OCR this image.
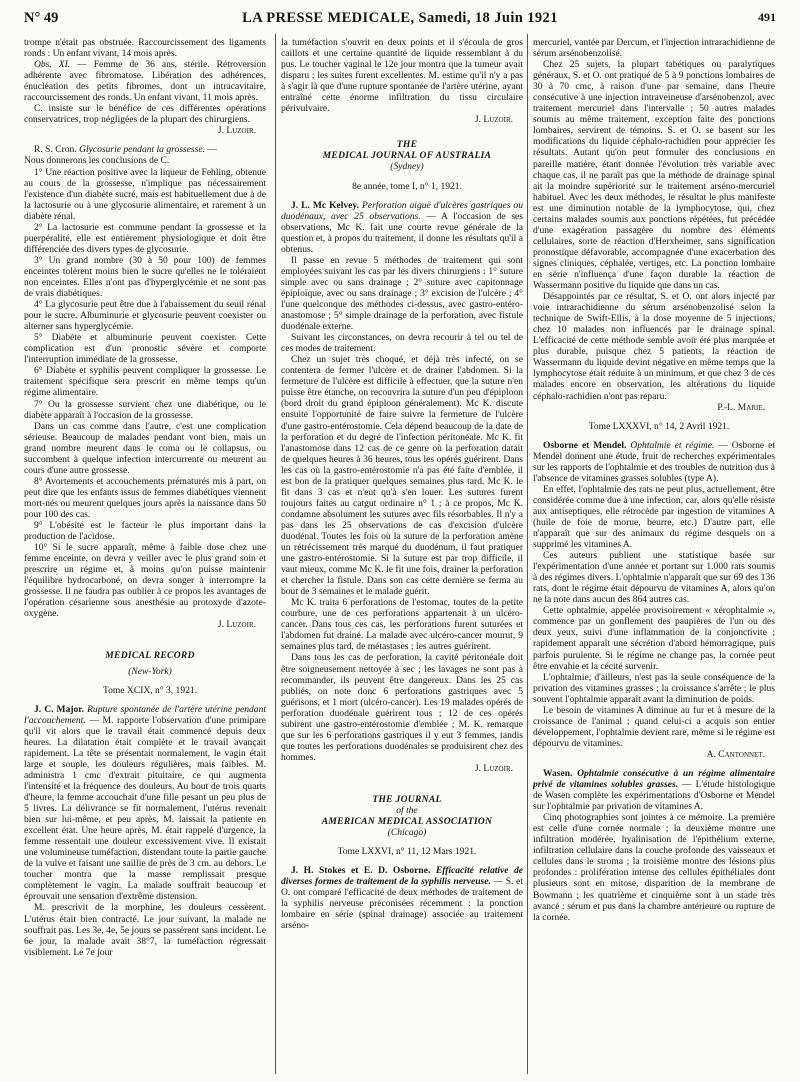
N° 49	LA PRESSE MEDICALE, Samedi, 18 Juin 1921	491

trompe n'était pas obstruée. Raccourcissement des ligaments ronds : Un enfant vivant, 14 mois après.

Obs. XI. — Femme de 36 ans, stérile. Rétroversion adhérente avec fibromatose. Libération des adhérences, énucléation des petits fibromes, dont un intracavitaire, raccourcissement des ronds. Un enfant vivant, 11 mois après.

C. insiste sur le bénéfice de ces différentes opérations conservatrices, trop négligées de la plupart des chirurgiens.

J. Luzoir.

R. S. Cron. Glycosurie pendant la grossesse. —

Nous donnerons les conclusions de C.

1° Une réaction positive avec la liqueur de Fehling, obtenue au cours de la grossesse, n'implique pas nécessairement l'existence d'un diabète sucré, mais est habituellement due à de la lactosurie ou à une glycosurie alimentaire, et rarement à un diabète rénal.

2° La lactosurie est commune pendant la grossesse et la puerpéralité, elle est entièrement physiologique et doit être différenciée des divers types de glycosurie.

3° Un grand nombre (30 à 50 pour 100) de femmes enceintes tolèrent moins bien le sucre qu'elles ne le toléraient non enceintes. Elles n'ont pas d'hyperglycémie et ne sont pas de vrais diabétiques.

4° La glycosurie peut être due à l'abaissement du seuil rénal pour le sucre. Albuminurie et glycosurie peuvent coexister ou alterner sans hyperglycémie.

5° Diabète et albuminurie peuvent coexister. Cette complication est d'un pronostic sévère et comporte l'interruption immédiate de la grossesse.

6° Diabète et syphilis peuvent compliquer la grossesse. Le traitement spécifique sera prescrit en même temps qu'un régime alimentaire.

7° Ou la grossesse survient chez une diabétique, ou le diabète apparaît à l'occasion de la grossesse.

Dans un cas comme dans l'autre, c'est une complication sérieuse. Beaucoup de malades pendant vont bien, mais un grand nombre meurent dans le coma ou le collapsus, ou succombent à quelque infection intercurrente ou meurent au cours d'une autre grossesse.

8° Avortements et accouchements prématurés mis à part, on peut dire que les enfants issus de femmes diabétiques viennent mort-nés ou meurent quelques jours après la naissance dans 50 pour 100 des cas.

9° L'obésité est le facteur le plus important dans la production de l'acidose.

10° Si le sucre apparaît, même à faible dose chez une femme enceinte, on devra y veiller avec le plus grand soin et prescrire un régime et, à moins qu'on puisse maintenir l'équilibre hydrocarboné, on devra songer à interrompre la grossesse. Il ne faudra pas oublier à ce propos les avantages de l'opération césarienne sous anesthésie au protoxyde d'azote-oxygène.

J. Luzoir.

MEDICAL RECORD

(New-York)

Tome XCIX, n° 3, 1921.

J. C. Major. Rupture spontanée de l'artère utérine pendant l'accouchement. — M. rapporte l'observation d'une primipare qu'il vit alors que le travail était commencé depuis deux heures. La dilatation était complète et le travail avançait rapidement. La tête se présentait normalement, le vagin était large et souple, les douleurs régulières, mais faibles. M. administra 1 cmc d'extrait pituitaire, ce qui augmenta l'intensité et la fréquence des douleurs. Au bout de trois quarts d'heure, la femme accouchait d'une fille pesant un peu plus de 5 livres. La délivrance se fit normalement, l'utérus revenait bien sur lui-même, et peu après, M. laissait la patiente en excellent état. Une heure après, M. était rappelé d'urgence, la femme ressentait une douleur excessivement vive. Il existait une volumineuse tuméfaction, distendant toute la partie gauche de la vulve et faisant une saillie de près de 3 cm. au dehors. Le toucher montra que la masse remplissait presque complètement le vagin. La malade souffrait beaucoup et éprouvait une sensation d'extrême distension.

M. prescrivit de la morphine, les douleurs cessèrent. L'utérus était bien contracté. Le jour suivant, la malade ne souffrait pas. Les 3e, 4e, 5e jours se passèrent sans incident. Le 6e jour, la malade avait 38°7, la tuméfaction régressait visiblement. Le 7e jour

la tuméfaction s'ouvrit en deux points et il s'écoula de gros caillots et une certaine quantité de liquide ressemblant à du pus. Le toucher vaginal le 12e jour montra que la tumeur avait disparu ; les suites furent excellentes. M. estime qu'il n'y a pas à s'agir là que d'une rupture spontanée de l'artère utérine, ayant entraîné cette énorme infiltration du tissu circulaire périvulvaire.

J. Luzoir.

THE

MEDICAL JOURNAL OF AUSTRALIA

(Sydney)

8e année, tome I, n° 1, 1921.

J. L. Mc Kelvey. Perforation aiguë d'ulcères gastriques ou duodénaux, avec 25 observations. — A l'occasion de ses observations, Mc K. fait une courte revue générale de la question et, à propos du traitement, il donne les résultats qu'il a obtenus.

Il passe en revue 5 méthodes de traitement qui sont employées suivant les cas par les divers chirurgiens : 1° suture simple avec ou sans drainage ; 2° suture avec capitonnage épiploïque, avec ou sans drainage ; 3° excision de l'ulcère ; 4° l'une quelconque des méthodes ci-dessus, avec gastro-entéro-anastomose ; 5° simple drainage de la perforation, avec fistule duodénale externe.

Suivant les circonstances, on devra recourir à tel ou tel de ces modes de traitement.

Chez un sujet très choqué, et déjà très infecté, on se contentera de fermer l'ulcère et de drainer l'abdomen. Si la fermeture de l'ulcère est difficile à effectuer, que la suture n'en puisse être étanche, on recouvrira la suture d'un peu d'épiploon (bord droit du grand épiploon généralement). Mc K. discute ensuite l'opportunité de faire suivre la fermeture de l'ulcère d'une gastro-entérostomie. Cela dépend beaucoup de la date de la perforation et du degré de l'infection péritonéale. Mc K. fit l'anastomose dans 12 cas de ce genre où la perforation datait de quelques heures à 36 heures, tous les opérés guérirent. Dans les cas où la gastro-entérostomie n'a pas été faite d'emblée, il est bon de la pratiquer quelques semaines plus tard. Mc K. le fit dans 3 cas et n'eut qu'à s'en louer. Les sutures furent toujours faites au catgut ordinaire n° 1 ; à ce propos, Mc K. condamne absolument les sutures avec fils résorbables. Il n'y a pas dans les 25 observations de cas d'excision d'ulcère duodénal. Toutes les fois où la suture de la perforation amène un rétrécissement très marqué du duodénum, il faut pratiquer une gastro-entérostomie. Si la suture est par trop difficile, il vaut mieux, comme Mc K. le fit une fois, drainer la perforation et chercher la fistule. Dans son cas cette dernière se ferma au bout de 3 semaines et le malade guérit.

Mc K. traita 6 perforations de l'estomac, toutes de la petite courbure, une de ces perforations appartenait à un ulcéro-cancer. Dans tous ces cas, les perforations furent suturées et l'abdomen fut drainé. La malade avec ulcéro-cancer mourut, 9 semaines plus tard, de métastases ; les autres guérirent.

Dans tous les cas de perforation, la cavité péritonéale doit être soigneusement nettoyée à sec ; les lavages ne sont pas à recommander, ils peuvent être dangereux. Dans les 25 cas publiés, on note donc 6 perforations gastriques avec 5 guérisons, et 1 mort (ulcéro-cancer). Les 19 malades opérés de perforation duodénale guérirent tous ; 12 de ces opérés subirent une gastro-entérostomie d'emblée ; M. K. remarque que sur les 6 perforations gastriques il y eut 3 femmes, tandis que toutes les perforations duodénales se produisirent chez des hommes.

J. Luzoir.

THE JOURNAL

of the

AMERICAN MEDICAL ASSOCIATION

(Chicago)

Tome LXXVI, n° 11, 12 Mars 1921.

J. H. Stokes et E. D. Osborne. Efficacité relative de diverses formes de traitement de la syphilis nerveuse. — S. et O. ont comparé l'efficacité de deux méthodes de traitement de la syphilis nerveuse préconisées récemment : la ponction lombaire en série (spinal drainage) associée au traitement arséno-

mercuriel, vantée par Dercum, et l'injection intrarachidienne de sérum arsénobenzolisé.

Chez 25 sujets, la plupart tabétiques ou paralytiques généraux, S. et O. ont pratiqué de 5 à 9 ponctions lombaires de 30 à 70 cmc, à raison d'une par semaine, dans l'heure consécutive à une injection intraveineuse d'arsénobenzol, avec traitement mercuriel dans l'intervalle ; 50 autres malades soumis au même traitement, exception faite des ponctions lombaires, servirent de témoins. S. et O. se basent sur les modifications du liquide céphalo-rachidien pour apprécier les résultats. Autant qu'on peut formuler des conclusions en pareille matière, étant donnée l'évolution très variable avec chaque cas, il ne paraît pas que la méthode de drainage spinal ait la moindre supériorité sur le traitement arséno-mercuriel habituel. Avec les deux méthodes, le résultat le plus manifeste est une diminution notable de la lymphocytose, qui, chez certains malades soumis aux ponctions répétées, fut précédée d'une exagération passagère du nombre des éléments cellulaires, sorte de réaction d'Herxheimer, sans signification pronostique défavorable, accompagnée d'une exacerbation des signes cliniques, céphalée, vertiges, etc. La ponction lombaire en série n'influença d'une façon durable la réaction de Wassermann positive du liquide que dans un cas.

Désappointés par ce résultat, S. et O. ont alors injecté par voie intrarachidienne du sérum arsénobenzolisé selon la technique de Swift-Ellis, à la dose moyenne de 5 injections, chez 10 malades non influencés par le drainage spinal. L'efficacité de cette méthode semble avoir été plus marquée et plus durable, puisque chez 5 patients, la réaction de Wassermann du liquide devint négative en même temps que la lymphocytose était réduite à un minimum, et que chez 3 de ces malades encore en observation, les altérations du liquide céphalo-rachidien n'ont pas reparu.

P.-L. Marie.

Tome LXXXVI, n° 14, 2 Avril 1921.

Osborne et Mendel. Ophtalmie et régime. — Osborne et Mendel donnent une étude, fruit de recherches expérimentales sur les rapports de l'ophtalmie et des troubles de nutrition dus à l'absence de vitamines grasses solubles (type A).

En effet, l'ophtalmie des rats ne peut plus, actuellement, être considérée comme due à une infection, car, alors qu'elle résiste aux antiseptiques, elle rétrocède par ingestion de vitamines A (huile de foie de morue, beurre, etc.) D'autre part, elle n'apparaît que sur des animaux du régime desquels on a supprimé les vitamines A.

Ces auteurs publient une statistique basée sur l'expérimentation d'une année et portant sur 1.000 rats soumis à des régimes divers. L'ophtalmie n'apparaît que sur 69 des 136 rats, dont le régime était dépourvu de vitamines A, alors qu'on ne la note dans aucun des 864 autres cas.

Cette ophtalmie, appelée provisoirement « xérophtalmie », commence par un gonflement des paupières de l'un ou des deux yeux, suivi d'une inflammation de la conjonctivite ; rapidement apparaît une sécrétion d'abord hémorragique, puis parfois purulente. Si le régime ne change pas, la cornée peut être envahie et la cécité survenir.

L'ophtalmie, d'ailleurs, n'est pas la seule conséquence de la privation des vitamines grasses ; la croissance s'arrête ; le plus souvent l'ophtalmie apparaît avant la diminution de poids.

Le besoin de vitamines A diminue au fur et à mesure de la croissance de l'animal ; quand celui-ci a acquis son entier développement, l'ophtalmie devient rare, même si le régime est dépourvu de vitamines.

A. Cantonnet.

Wasen. Ophtalmie consécutive à un régime alimentaire privé de vitamines solubles grasses. — L'étude histologique de Wasen complète les expérimentations d'Osborne et Mendel sur l'ophtalmie par privation de vitamines A.

Cinq photographies sont jointes à ce mémoire. La première est celle d'une cornée normale ; la deuxième montre une infiltration modérée, hyalinisation de l'épithélium externe, infiltration cellulaire dans la couche profonde des vaisseaux et cellules dans le stroma ; la troisième montre des lésions plus profondes : prolifération intense des cellules épithéliales dont plusieurs sont en mitose, disparition de la membrane de Bowmann ; les quatrième et cinquième sont à un stade très avancé : sérum et pus dans la chambre antérieure ou rupture de la cornée.
